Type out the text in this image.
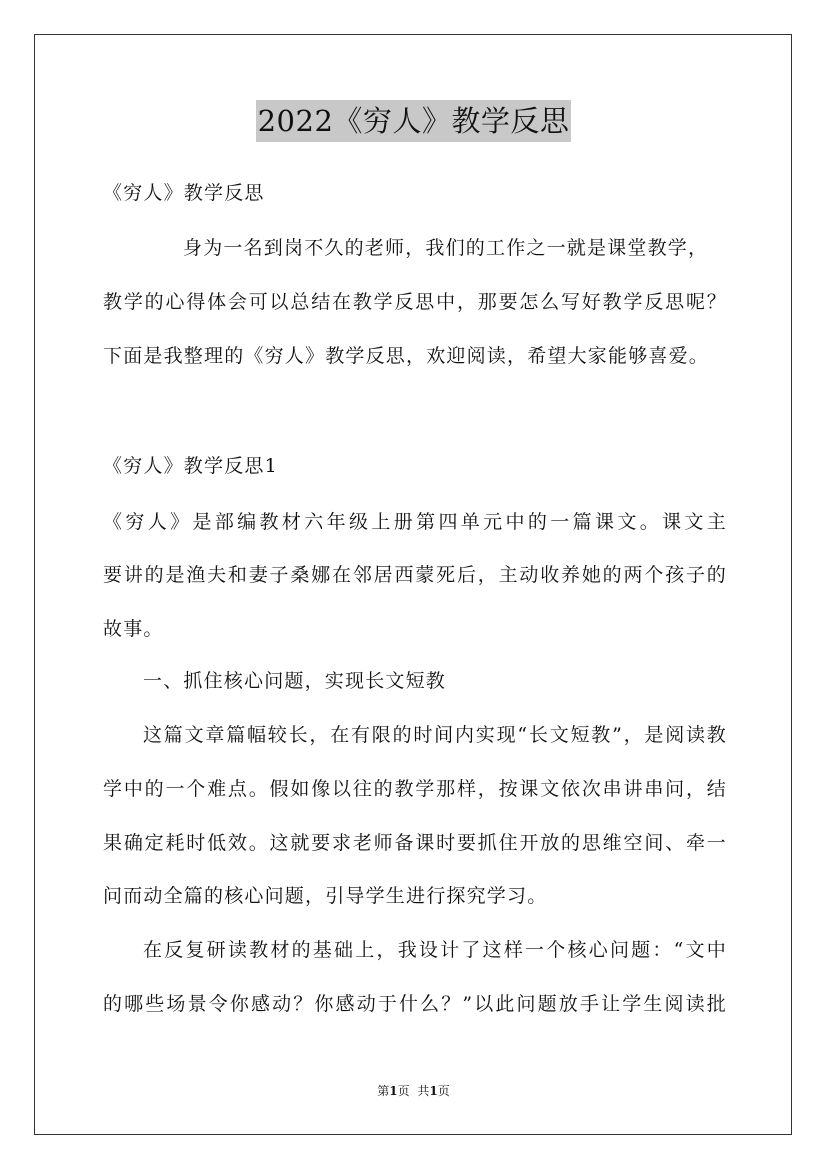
2022《穷人》教学反思
《穷人》教学反思
身为一名到岗不久的老师，我们的工作之一就是课堂教学，
教学的心得体会可以总结在教学反思中，那要怎么写好教学反思呢？
下面是我整理的《穷人》教学反思，欢迎阅读，希望大家能够喜爱。
《穷人》教学反思1
《穷人》是部编教材六年级上册第四单元中的一篇课文。课文主
要讲的是渔夫和妻子桑娜在邻居西蒙死后，主动收养她的两个孩子的
故事。
一、抓住核心问题，实现长文短教
这篇文章篇幅较长，在有限的时间内实现“长文短教”，是阅读教
学中的一个难点。假如像以往的教学那样，按课文依次串讲串问，结
果确定耗时低效。这就要求老师备课时要抓住开放的思维空间、牵一
问而动全篇的核心问题，引导学生进行探究学习。
在反复研读教材的基础上，我设计了这样一个核心问题：“文中
的哪些场景令你感动？你感动于什么？”以此问题放手让学生阅读批
第1页 共1页
